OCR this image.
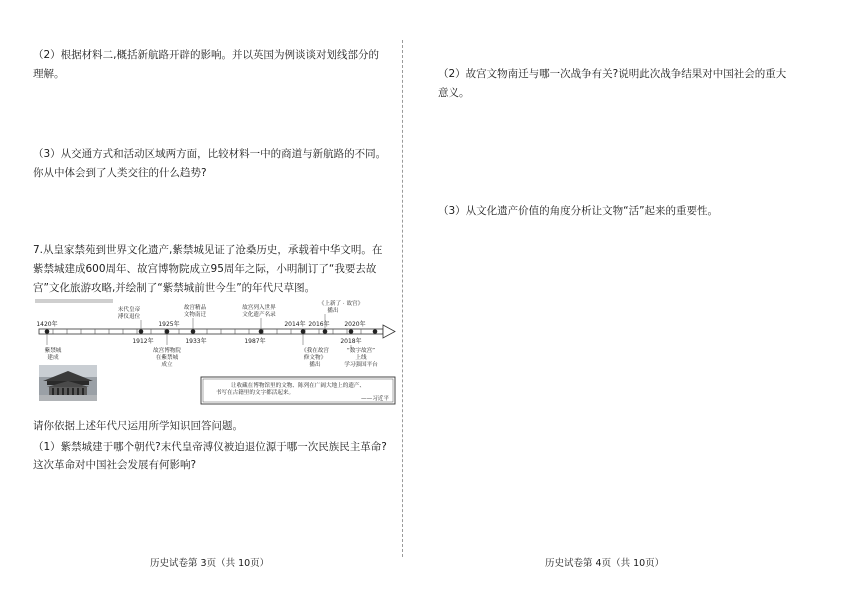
（2）根据材料二,概括新航路开辟的影响。并以英国为例谈谈对划线部分的
理解。
（3）从交通方式和活动区域两方面，比较材料一中的商道与新航路的不同。
你从中体会到了人类交往的什么趋势?
7.从皇家禁苑到世界文化遗产,紫禁城见证了沧桑历史，承载着中华文明。在
紫禁城建成600周年、故宫博物院成立95周年之际，小明制订了“我要去故
宫”文化旅游攻略,并绘制了“紫禁城前世今生”的年代尺草图。
1420年
1912年
1925年
1933年	1987年
2014年 2016年
2018年
2020年
末代皇帝
溥仪退位
故宫精品
文物南迁
故宫列入世界
文化遗产名录
《上新了 · 故宫》
播出
紫禁城
建成
故宫博物院
在紫禁城
成立
《我在故宫
修文物》
播出
“数字故宫”
上线
学习强国平台
让收藏在博物馆里的文物、陈列在广阔大地上的遗产、
书写在古籍里的文字都活起来。
——习近平
请你依据上述年代尺运用所学知识回答问题。
（1）紫禁城建于哪个朝代?末代皇帝溥仪被迫退位源于哪一次民族民主革命?
这次革命对中国社会发展有何影响?
历史试卷第 3页（共 10页）
（2）故宫文物南迁与哪一次战争有关?说明此次战争结果对中国社会的重大
意义。
（3）从文化遗产价值的角度分析让文物“活”起来的重要性。
历史试卷第 4页（共 10页）
